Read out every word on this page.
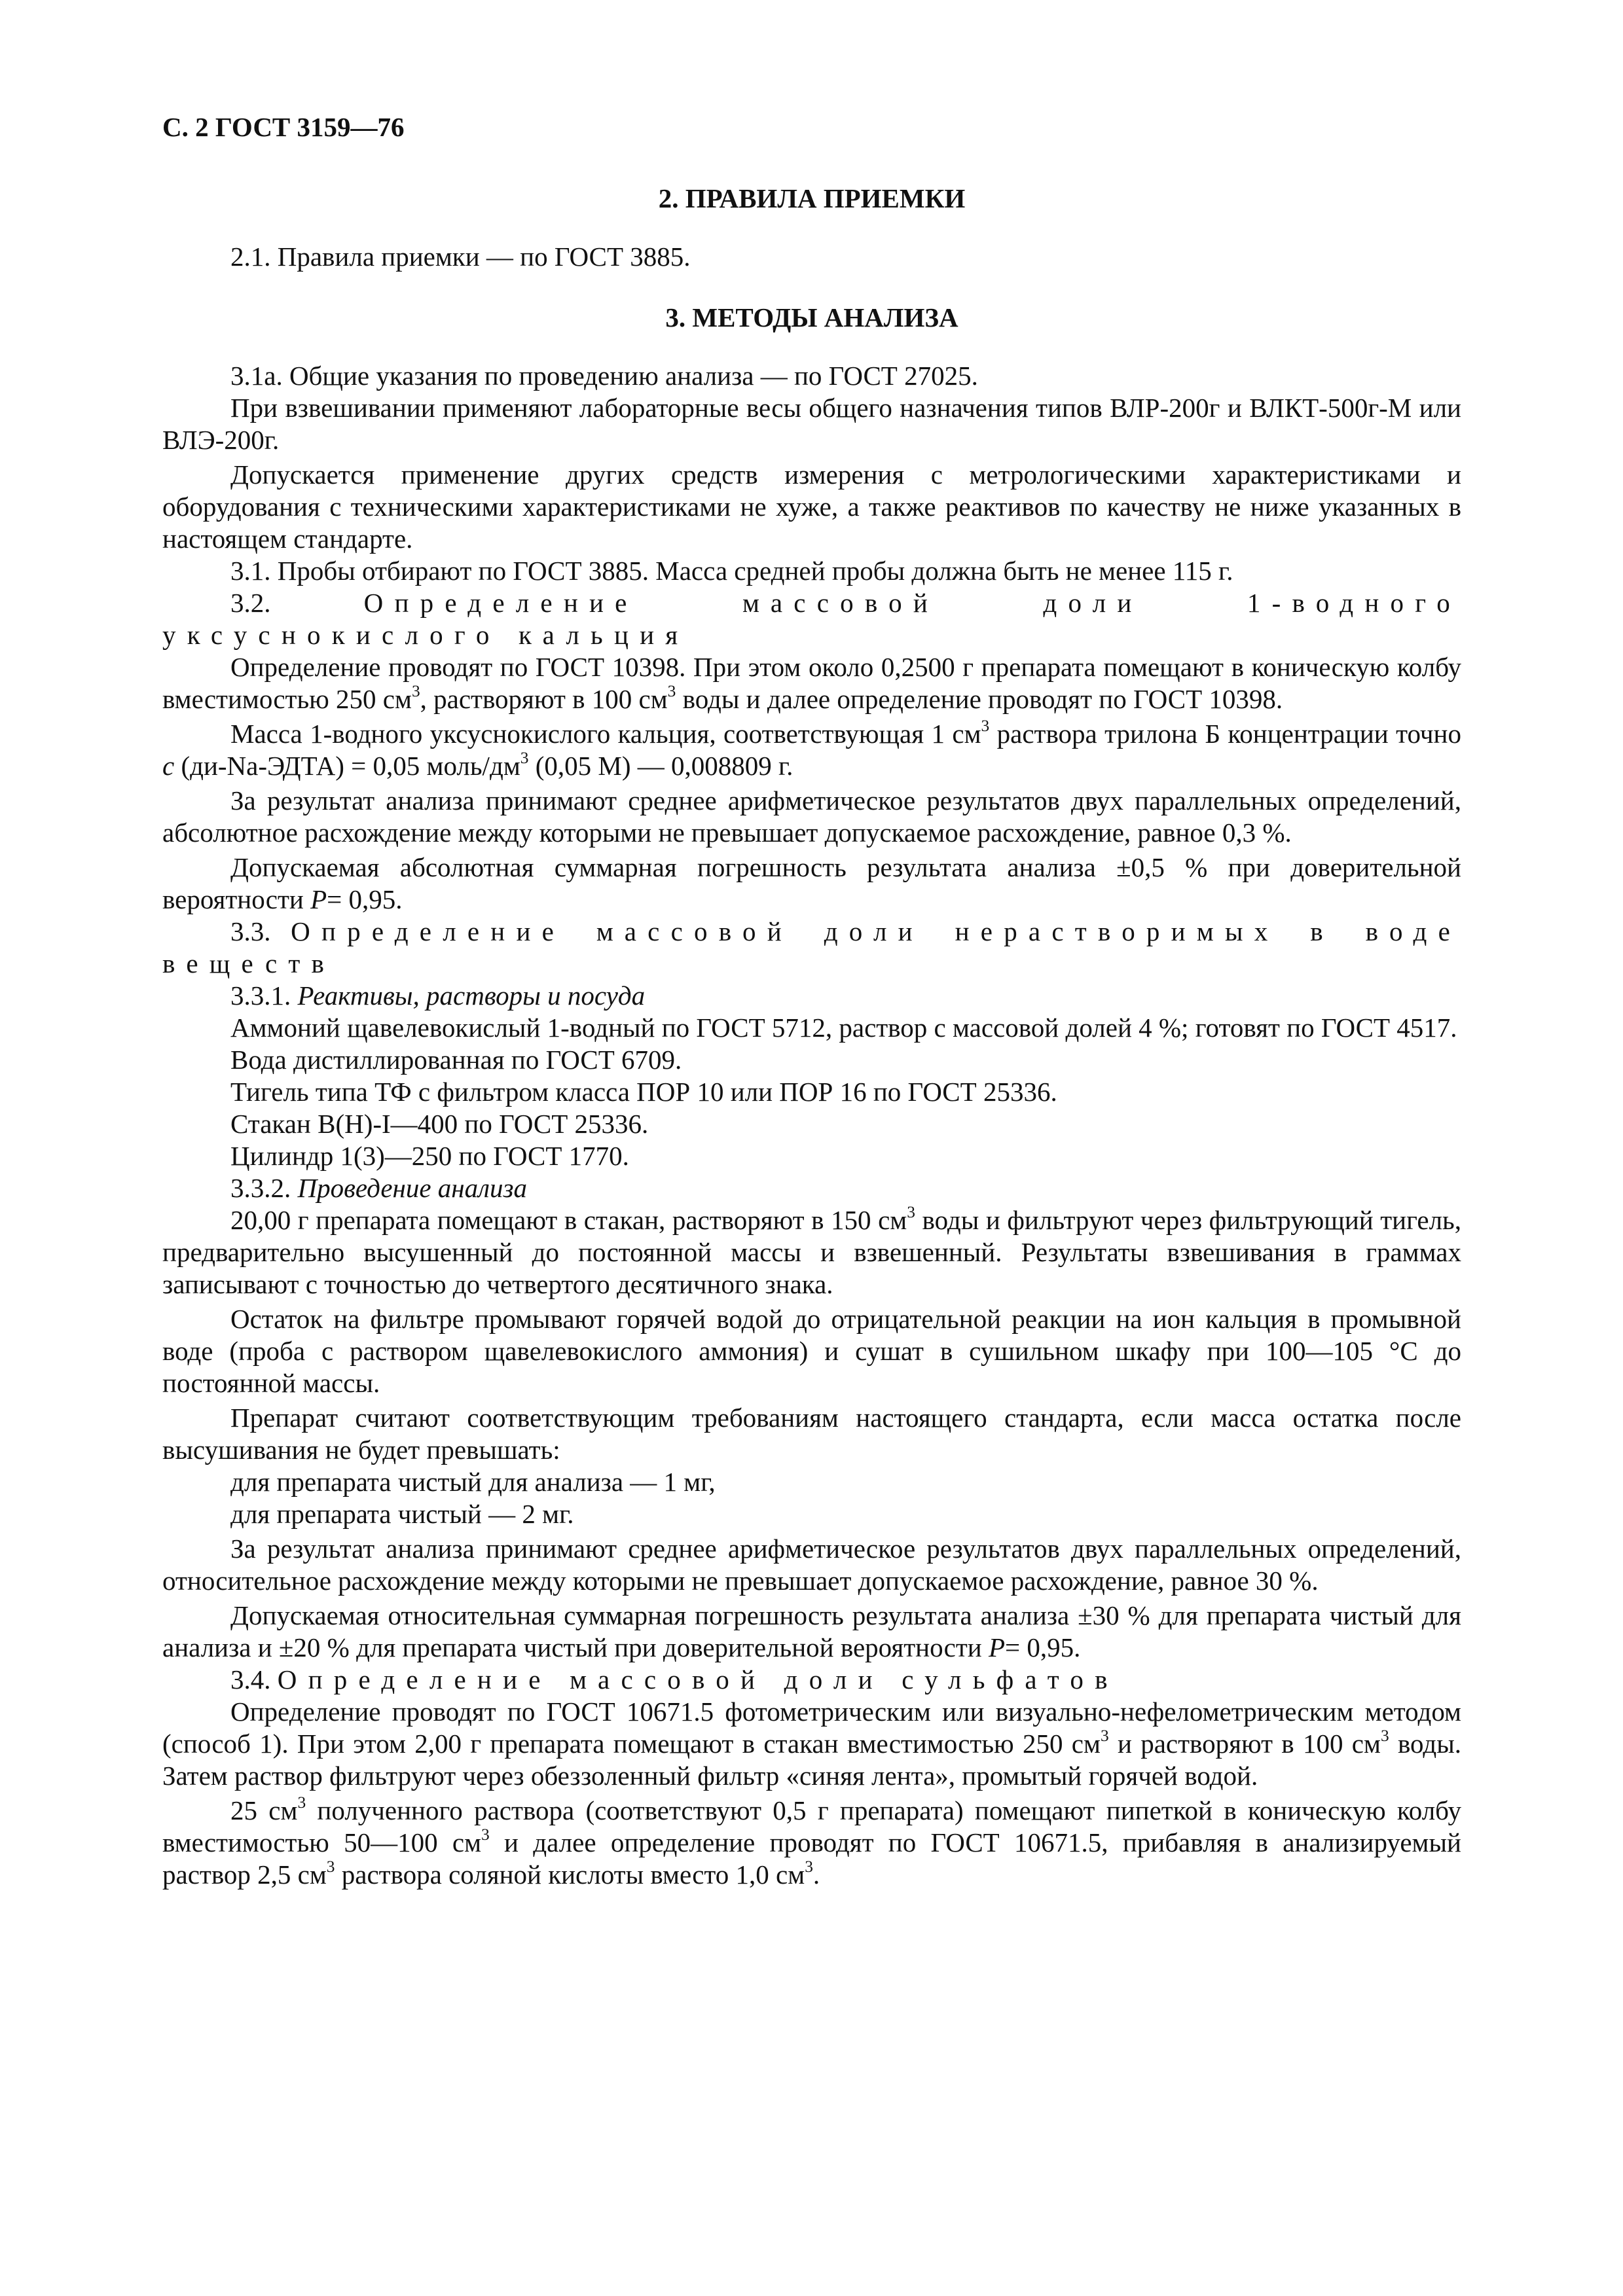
С. 2 ГОСТ 3159—76
2. ПРАВИЛА ПРИЕМКИ

2.1. Правила приемки — по ГОСТ 3885.

3. МЕТОДЫ АНАЛИЗА

3.1а. Общие указания по проведению анализа — по ГОСТ 27025.

При взвешивании применяют лабораторные весы общего назначения типов ВЛР-200г и ВЛКТ-500г-М или ВЛЭ-200г.

Допускается применение других средств измерения с метрологическими характеристиками и оборудования с техническими характеристиками не хуже, а также реактивов по качеству не ниже указанных в настоящем стандарте.

3.1. Пробы отбирают по ГОСТ 3885. Масса средней пробы должна быть не менее 115 г.

3.2.	Определение массовой доли 1-водного уксуснокислого кальция

Определение проводят по ГОСТ 10398. При этом около 0,2500 г препарата помещают в коническую колбу вместимостью 250 $см^3$, растворяют в 100 $см^3$ воды и далее определение проводят по ГОСТ 10398.

Масса 1-водного уксуснокислого кальция, соответствующая 1 $см^3$ раствора трилона Б концентрации точно с (ди-Na-ЭДТА) = 0,05 моль/$дм^3$ (0,05 М) — 0,008809 г.

За результат анализа принимают среднее арифметическое результатов двух параллельных определений, абсолютное расхождение между которыми не превышает допускаемое расхождение, равное 0,3 %.

Допускаемая абсолютная суммарная погрешность результата анализа ±0,5 % при доверительной вероятности Р= 0,95.

3.3. Определение массовой доли нерастворимых в воде веществ

3.3.1. Реактивы, растворы и посуда

Аммоний щавелевокислый 1-водный по ГОСТ 5712, раствор с массовой долей 4 %; готовят по ГОСТ 4517.

Вода дистиллированная по ГОСТ 6709.

Тигель типа ТФ с фильтром класса ПОР 10 или ПОР 16 по ГОСТ 25336.

Стакан В(Н)-I—400 по ГОСТ 25336.

Цилиндр 1(3)—250 по ГОСТ 1770.

3.3.2. Проведение анализа

20,00 г препарата помещают в стакан, растворяют в 150 $см^3$ воды и фильтруют через фильтрующий тигель, предварительно высушенный до постоянной массы и взвешенный. Результаты взвешивания в граммах записывают с точностью до четвертого десятичного знака.

Остаток на фильтре промывают горячей водой до отрицательной реакции на ион кальция в промывной воде (проба с раствором щавелевокислого аммония) и сушат в сушильном шкафу при 100—105 °С до постоянной массы.

Препарат считают соответствующим требованиям настоящего стандарта, если масса остатка после высушивания не будет превышать:

для препарата чистый для анализа — 1 мг,

для препарата чистый — 2 мг.

За результат анализа принимают среднее арифметическое результатов двух параллельных определений, относительное расхождение между которыми не превышает допускаемое расхождение, равное 30 %.

Допускаемая относительная суммарная погрешность результата анализа ±30 % для препарата чистый для анализа и ±20 % для препарата чистый при доверительной вероятности Р= 0,95.

3.4. Определение массовой доли сульфатов

Определение проводят по ГОСТ 10671.5 фотометрическим или визуально-нефелометрическим методом (способ 1). При этом 2,00 г препарата помещают в стакан вместимостью 250 $см^3$ и растворяют в 100 $см^3$ воды. Затем раствор фильтруют через обеззоленный фильтр «синяя лента», промытый горячей водой.

25 $см^3$ полученного раствора (соответствуют 0,5 г препарата) помещают пипеткой в коническую колбу вместимостью 50—100 $см^3$ и далее определение проводят по ГОСТ 10671.5, прибавляя в анализируемый раствор 2,5 $см^3$ раствора соляной кислоты вместо 1,0 $см^3$.
